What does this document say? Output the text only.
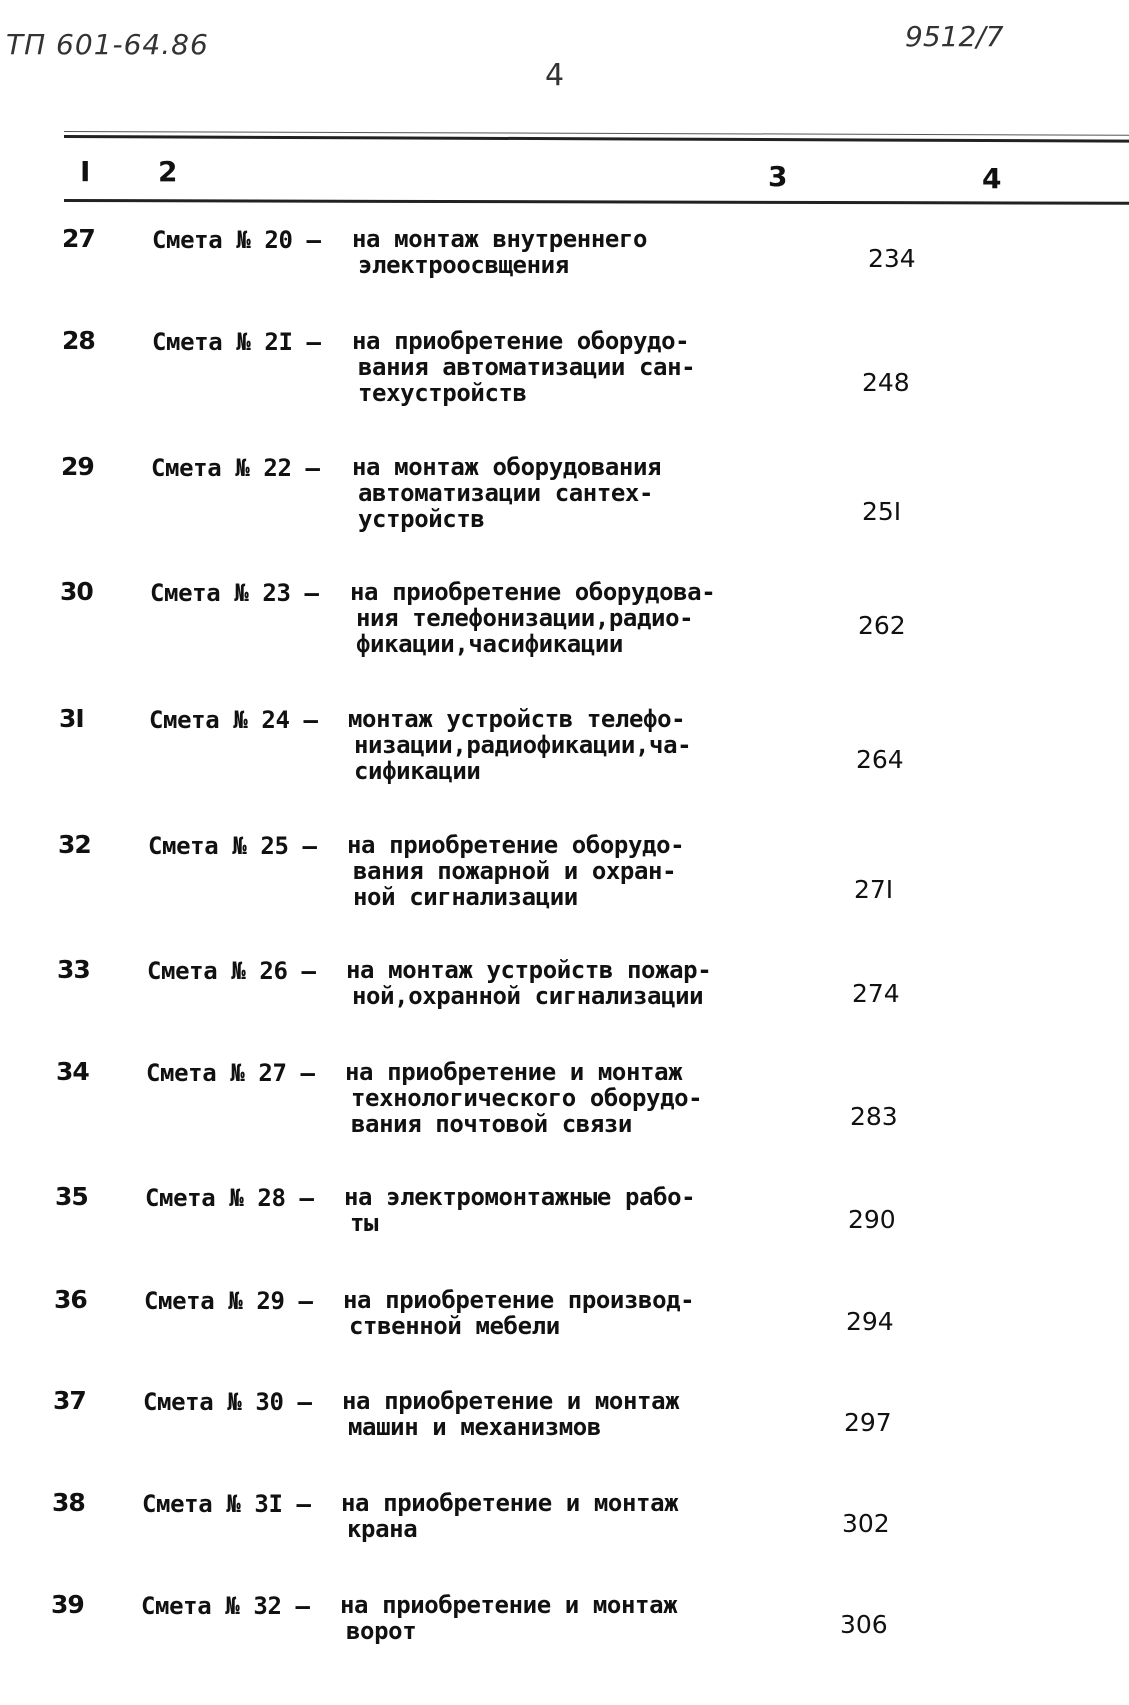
ТП 601-64.86
4
9512/7
I 2	3	4
27 Смета № 20 – на монтаж внутреннего
электроосвщения	234
28 Смета № 2I – на приобретение оборудо-
вания автоматизации сан-
техустройств	248
29 Смета № 22 – на монтаж оборудования
автоматизации сантех-
устройств	25I
30 Смета № 23 – на приобретение оборудова-
ния телефонизации,радио-
фикации,часификации
262
3I	Смета № 24 – монтаж устройств телефо-
низации,радиофикации,ча-
сификации	264
32 Смета № 25 – на приобретение оборудо-
вания пожарной и охран-
ной сигнализации	27I
33 Смета № 26 – на монтаж устройств пожар-
ной,охранной сигнализации	274
34 Смета № 27 – на приобретение и монтаж
технологического оборудо-
вания почтовой связи	283
35 Смета № 28 – на электромонтажные рабо-
ты	290
36 Смета № 29 – на приобретение производ-
ственной мебели	294
37 Смета № 30 – на приобретение и монтаж
машин и механизмов	297
38 Смета № 3I – на приобретение и монтаж
крана	302
39 Смета № 32 – на приобретение и монтаж
ворот	306
